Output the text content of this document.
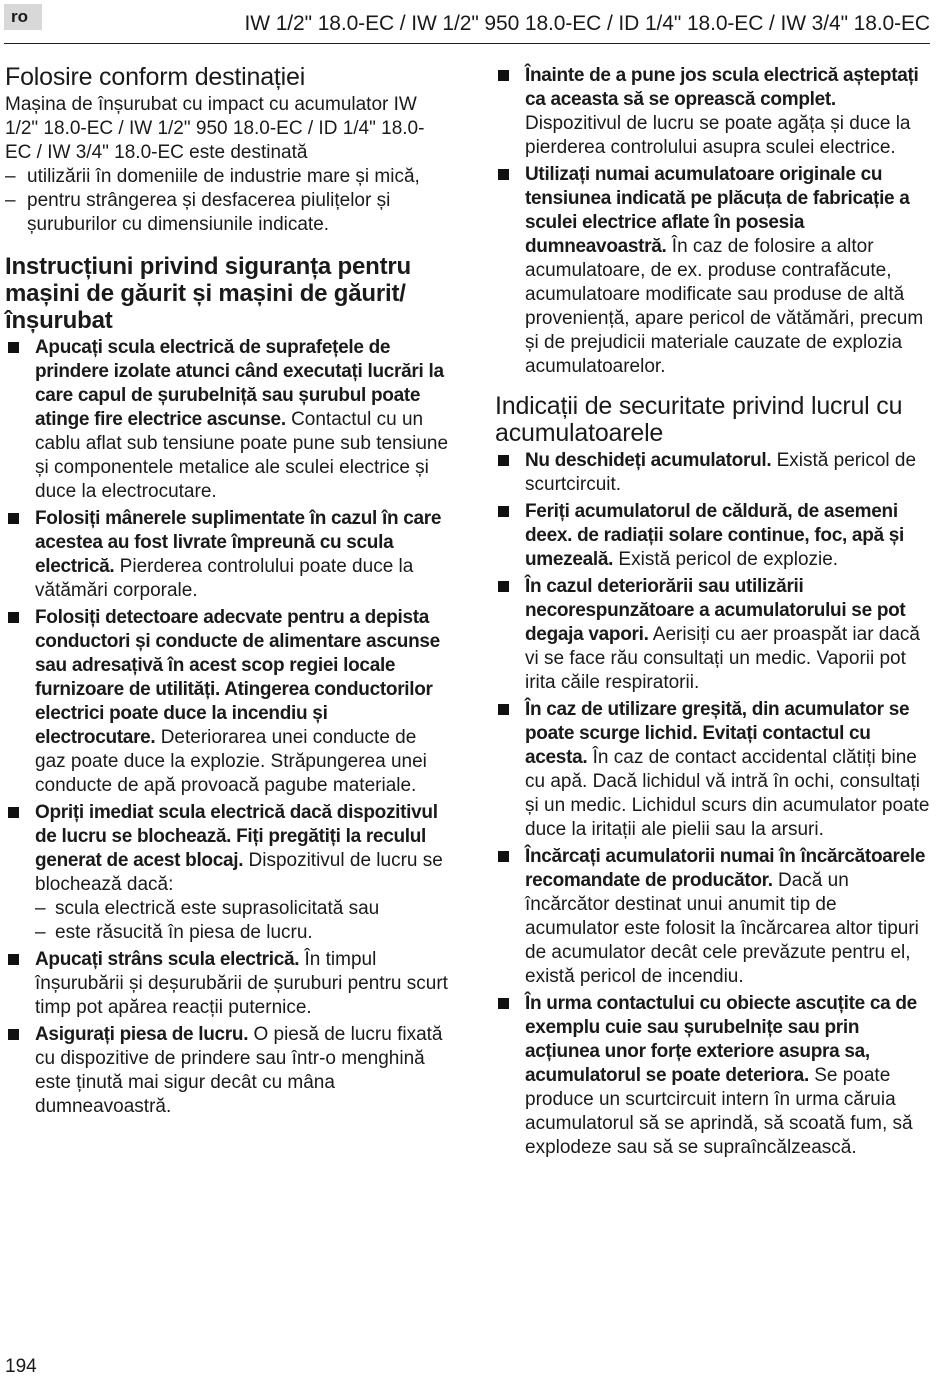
ro	IW 1/2" 18.0-EC / IW 1/2" 950 18.0-EC / ID 1/4" 18.0-EC / IW 3/4" 18.0-EC
Folosire conform destinației

Mașina de înșurubat cu impact cu acumulator IW 1/2" 18.0-EC / IW 1/2" 950 18.0-EC / ID 1/4" 18.0-EC / IW 3/4" 18.0-EC este destinată

– utilizării în domeniile de industrie mare și mică,
– pentru strângerea și desfacerea piulițelor și șuruburilor cu dimensiunile indicate.
Instrucțiuni privind siguranța pentru mașini de găurit și mașini de găurit/înșurubat
Apucați scula electrică de suprafețele de prindere izolate atunci când executați lucrări la care capul de șurubelniță sau șurubul poate atinge fire electrice ascunse. Contactul cu un cablu aflat sub tensiune poate pune sub tensiune și componentele metalice ale sculei electrice și duce la electrocutare.
Folosiți mânerele suplimentate în cazul în care acestea au fost livrate împreună cu scula electrică. Pierderea controlului poate duce la vătămări corporale.
Folosiți detectoare adecvate pentru a depista conductori și conducte de alimentare ascunse sau adresațivă în acest scop regiei locale furnizoare de utilități. Atingerea conductorilor electrici poate duce la incendiu și electrocutare. Deteriorarea unei conducte de gaz poate duce la explozie. Străpungerea unei conducte de apă provoacă pagube materiale.
Opriți imediat scula electrică dacă dispozitivul de lucru se blochează. Fiți pregătiți la reculul generat de acest blocaj. Dispozitivul de lucru se blochează dacă:
– scula electrică este suprasolicitată sau
– este răsucită în piesa de lucru.
Apucați strâns scula electrică. În timpul înșurubării și deșurubării de șuruburi pentru scurt timp pot apărea reacții puternice.
Asigurați piesa de lucru. O piesă de lucru fixată cu dispozitive de prindere sau într-o menghină este ținută mai sigur decât cu mâna dumneavoastră.
Înainte de a pune jos scula electrică așteptați ca aceasta să se oprească complet. Dispozitivul de lucru se poate agăța și duce la pierderea controlului asupra sculei electrice.
Utilizați numai acumulatoare originale cu tensiunea indicată pe plăcuța de fabricație a sculei electrice aflate în posesia dumneavoastră. În caz de folosire a altor acumulatoare, de ex. produse contrafăcute, acumulatoare modificate sau produse de altă proveniență, apare pericol de vătămări, precum și de prejudicii materiale cauzate de explozia acumulatoarelor.
Indicații de securitate privind lucrul cu acumulatoarele
Nu deschideți acumulatorul. Există pericol de scurtcircuit.
Feriți acumulatorul de căldură, de asemeni deex. de radiații solare continue, foc, apă și umezeală. Există pericol de explozie.
În cazul deteriorării sau utilizării necorespunzătoare a acumulatorului se pot degaja vapori. Aerisiți cu aer proaspăt iar dacă vi se face rău consultați un medic. Vaporii pot irita căile respiratorii.
În caz de utilizare greșită, din acumulator se poate scurge lichid. Evitați contactul cu acesta. În caz de contact accidental clătiți bine cu apă. Dacă lichidul vă intră în ochi, consultați și un medic. Lichidul scurs din acumulator poate duce la iritații ale pielii sau la arsuri.
Încărcați acumulatorii numai în încărcătoarele recomandate de producător. Dacă un încărcător destinat unui anumit tip de acumulator este folosit la încărcarea altor tipuri de acumulator decât cele prevăzute pentru el, există pericol de incendiu.
În urma contactului cu obiecte ascuțite ca de exemplu cuie sau șurubelnițe sau prin acțiunea unor forțe exteriore asupra sa, acumulatorul se poate deteriora. Se poate produce un scurtcircuit intern în urma căruia acumulatorul să se aprindă, să scoată fum, să explodeze sau să se supraîncălzească.
194
